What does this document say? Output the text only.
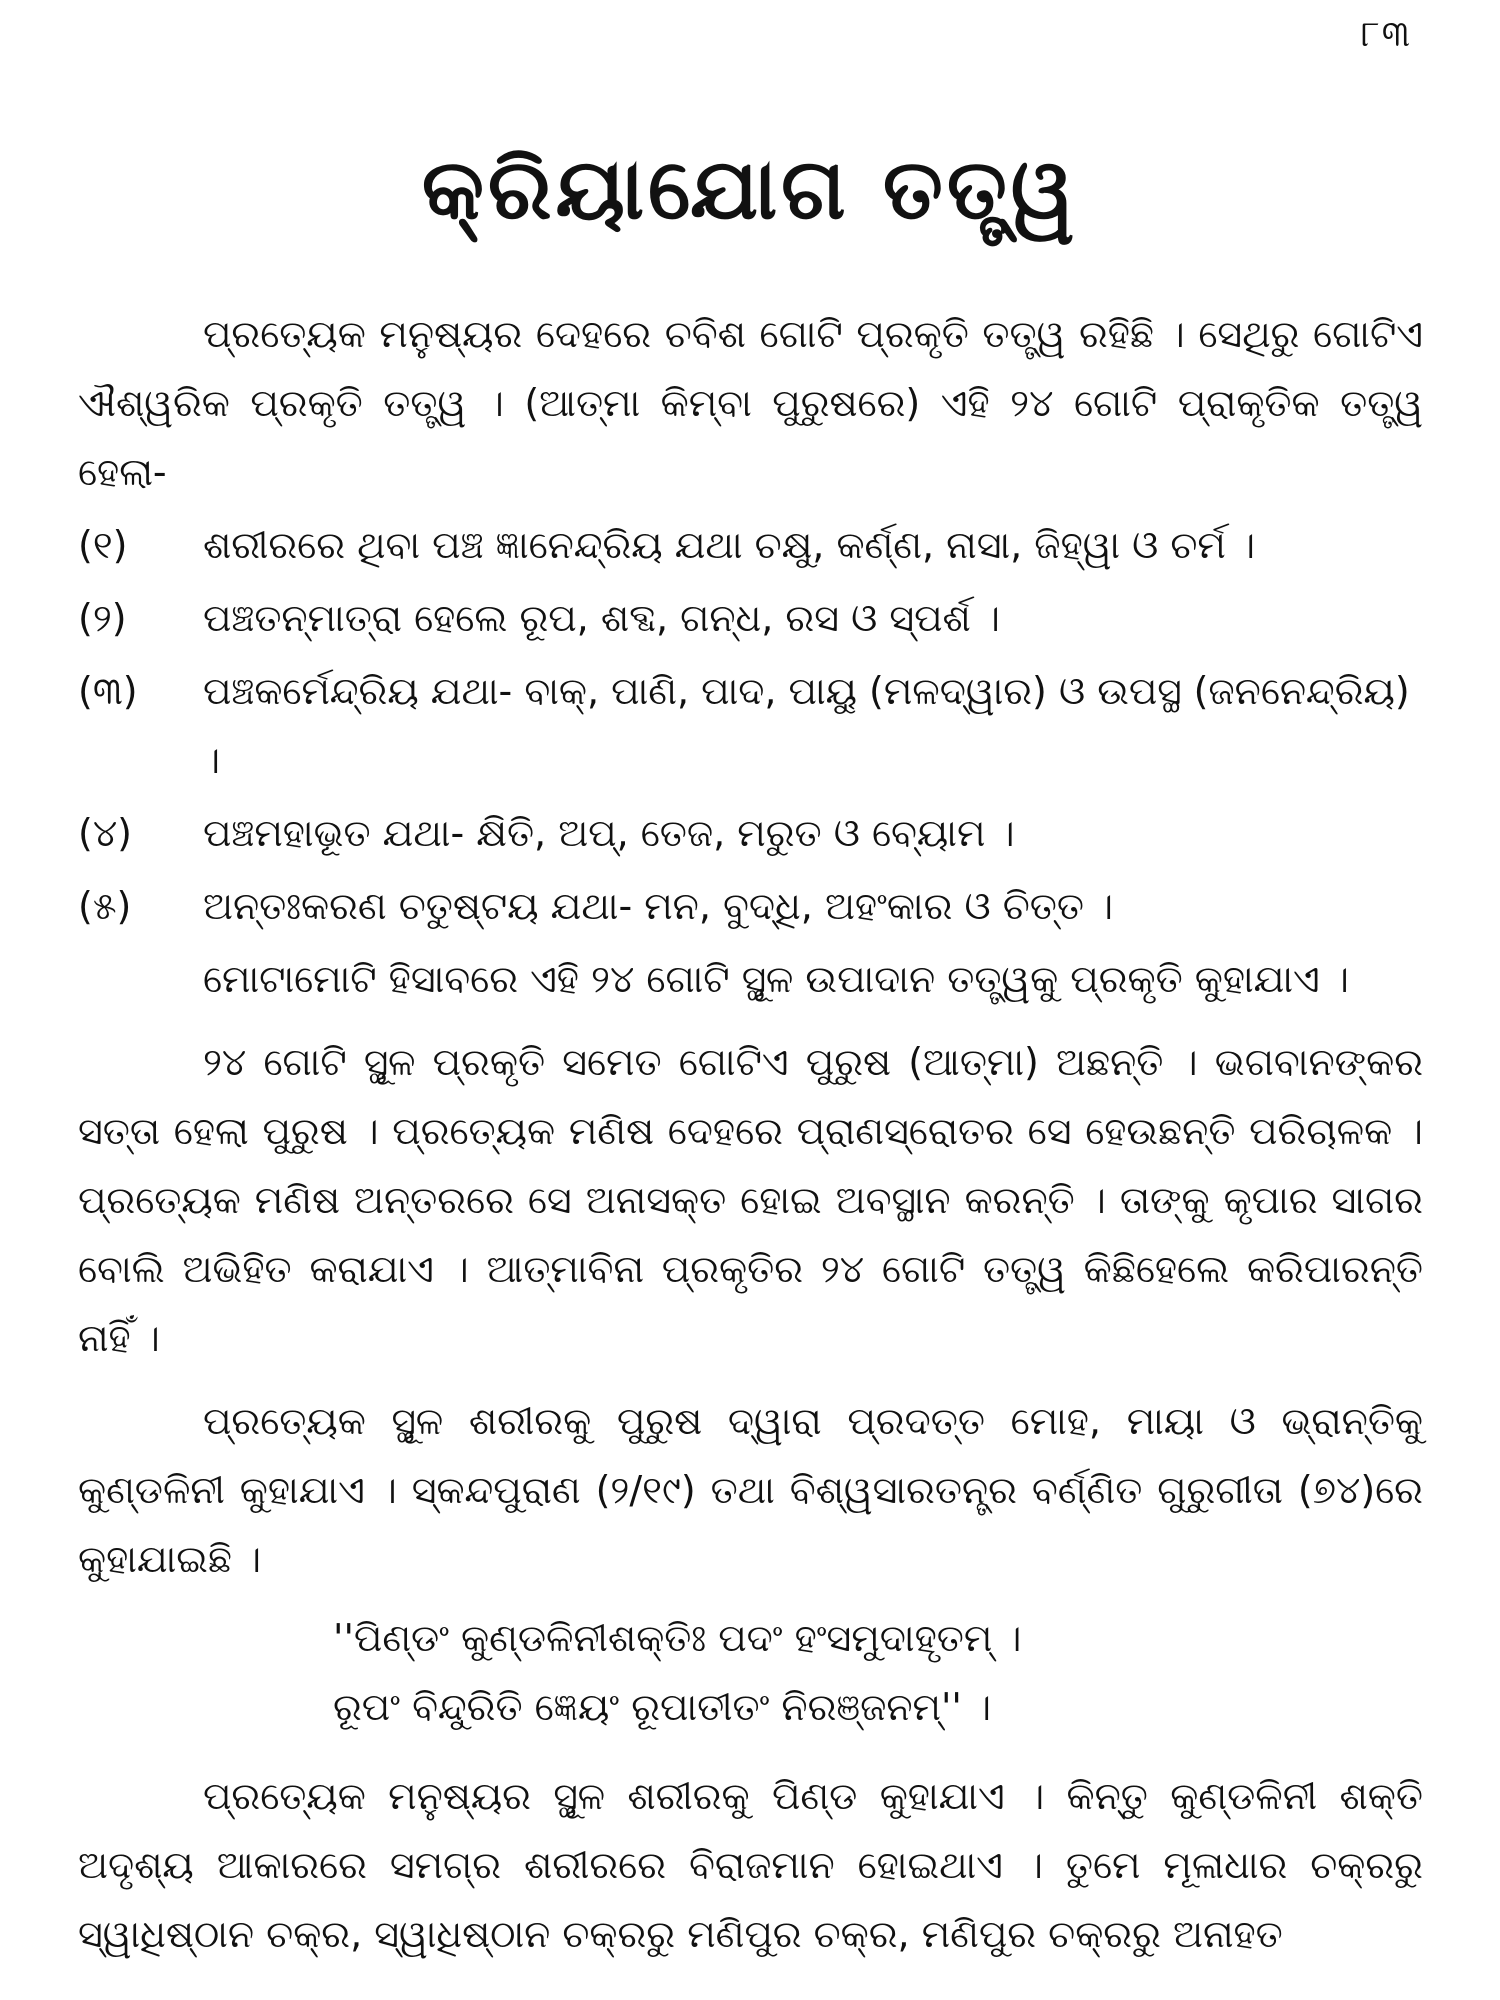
୮୩
କ୍ରିୟାଯୋଗ ତତ୍ତ୍ୱ

ପ୍ରତ୍ୟେକ ମନୁଷ୍ୟର ଦେହରେ ଚବିଶ ଗୋଟି ପ୍ରକୃତି ତତ୍ତ୍ୱ ରହିଛି । ସେଥିରୁ ଗୋଟିଏ ଐଶ୍ୱରିକ ପ୍ରକୃତି ତତ୍ତ୍ୱ । (ଆତ୍ମା କିମ୍ବା ପୁରୁଷରେ) ଏହି ୨୪ ଗୋଟି ପ୍ରାକୃତିକ ତତ୍ତ୍ୱ ହେଲା-

(୧)	ଶରୀରରେ ଥିବା ପଞ୍ଚ ଜ୍ଞାନେନ୍ଦ୍ରିୟ ଯଥା ଚକ୍ଷୁ, କର୍ଣ୍ଣ, ନାସା, ଜିହ୍ୱା ଓ ଚର୍ମ ।
(୨)	ପଞ୍ଚତନ୍ମାତ୍ରା ହେଲେ ରୂପ, ଶବ୍ଦ, ଗନ୍ଧ, ରସ ଓ ସ୍ପର୍ଶ ।
(୩)	ପଞ୍ଚକର୍ମେନ୍ଦ୍ରିୟ ଯଥା- ବାକ୍, ପାଣି, ପାଦ, ପାୟୁ (ମଳଦ୍ୱାର) ଓ ଉପସ୍ଥ (ଜନନେନ୍ଦ୍ରିୟ) ।
(୪)	ପଞ୍ଚମହାଭୂତ ଯଥା- କ୍ଷିତି, ଅପ୍, ତେଜ, ମରୁତ ଓ ବ୍ୟୋମ ।
(୫)	ଅନ୍ତଃକରଣ ଚତୁଷ୍ଟୟ ଯଥା- ମନ, ବୁଦ୍ଧି, ଅହଂକାର ଓ ଚିତ୍ତ ।

ମୋଟାମୋଟି ହିସାବରେ ଏହି ୨୪ ଗୋଟି ସ୍ଥୂଳ ଉପାଦାନ ତତ୍ତ୍ୱକୁ ପ୍ରକୃତି କୁହାଯାଏ ।

୨୪ ଗୋଟି ସ୍ଥୂଳ ପ୍ରକୃତି ସମେତ ଗୋଟିଏ ପୁରୁଷ (ଆତ୍ମା) ଅଛନ୍ତି । ଭଗବାନଙ୍କର ସତ୍ତା ହେଲା ପୁରୁଷ । ପ୍ରତ୍ୟେକ ମଣିଷ ଦେହରେ ପ୍ରାଣସ୍ରୋତର ସେ ହେଉଛନ୍ତି ପରିଚାଳକ । ପ୍ରତ୍ୟେକ ମଣିଷ ଅନ୍ତରରେ ସେ ଅନାସକ୍ତ ହୋଇ ଅବସ୍ଥାନ କରନ୍ତି । ତାଙ୍କୁ କୃପାର ସାଗର ବୋଲି ଅଭିହିତ କରାଯାଏ । ଆତ୍ମାବିନା ପ୍ରକୃତିର ୨୪ ଗୋଟି ତତ୍ତ୍ୱ କିଛିହେଲେ କରିପାରନ୍ତି ନାହିଁ ।

ପ୍ରତ୍ୟେକ ସ୍ଥୂଳ ଶରୀରକୁ ପୁରୁଷ ଦ୍ୱାରା ପ୍ରଦତ୍ତ ମୋହ, ମାୟା ଓ ଭ୍ରାନ୍ତିକୁ କୁଣ୍ଡଳିନୀ କୁହାଯାଏ । ସ୍କନ୍ଦପୁରାଣ (୨/୧୯) ତଥା ବିଶ୍ୱସାରତନ୍ତ୍ର ବର୍ଣ୍ଣିତ ଗୁରୁଗୀତା (୭୪)ରେ କୁହାଯାଇଛି ।

''ପିଣ୍ଡଂ କୁଣ୍ଡଳିନୀଶକ୍ତିଃ ପଦଂ ହଂସମୁଦାହୃତମ୍ ।
ରୂପଂ ବିନ୍ଦୁରିତି ଜ୍ଞେୟଂ ରୂପାତୀତଂ ନିରଞ୍ଜନମ୍'' ।

ପ୍ରତ୍ୟେକ ମନୁଷ୍ୟର ସ୍ଥୂଳ ଶରୀରକୁ ପିଣ୍ଡ କୁହାଯାଏ । କିନ୍ତୁ କୁଣ୍ଡଳିନୀ ଶକ୍ତି ଅଦୃଶ୍ୟ ଆକାରରେ ସମଗ୍ର ଶରୀରରେ ବିରାଜମାନ ହୋଇଥାଏ । ତୁମେ ମୂଳାଧାର ଚକ୍ରରୁ ସ୍ୱାଧିଷ୍ଠାନ ଚକ୍ର, ସ୍ୱାଧିଷ୍ଠାନ ଚକ୍ରରୁ ମଣିପୁର ଚକ୍ର, ମଣିପୁର ଚକ୍ରରୁ ଅନାହତ
